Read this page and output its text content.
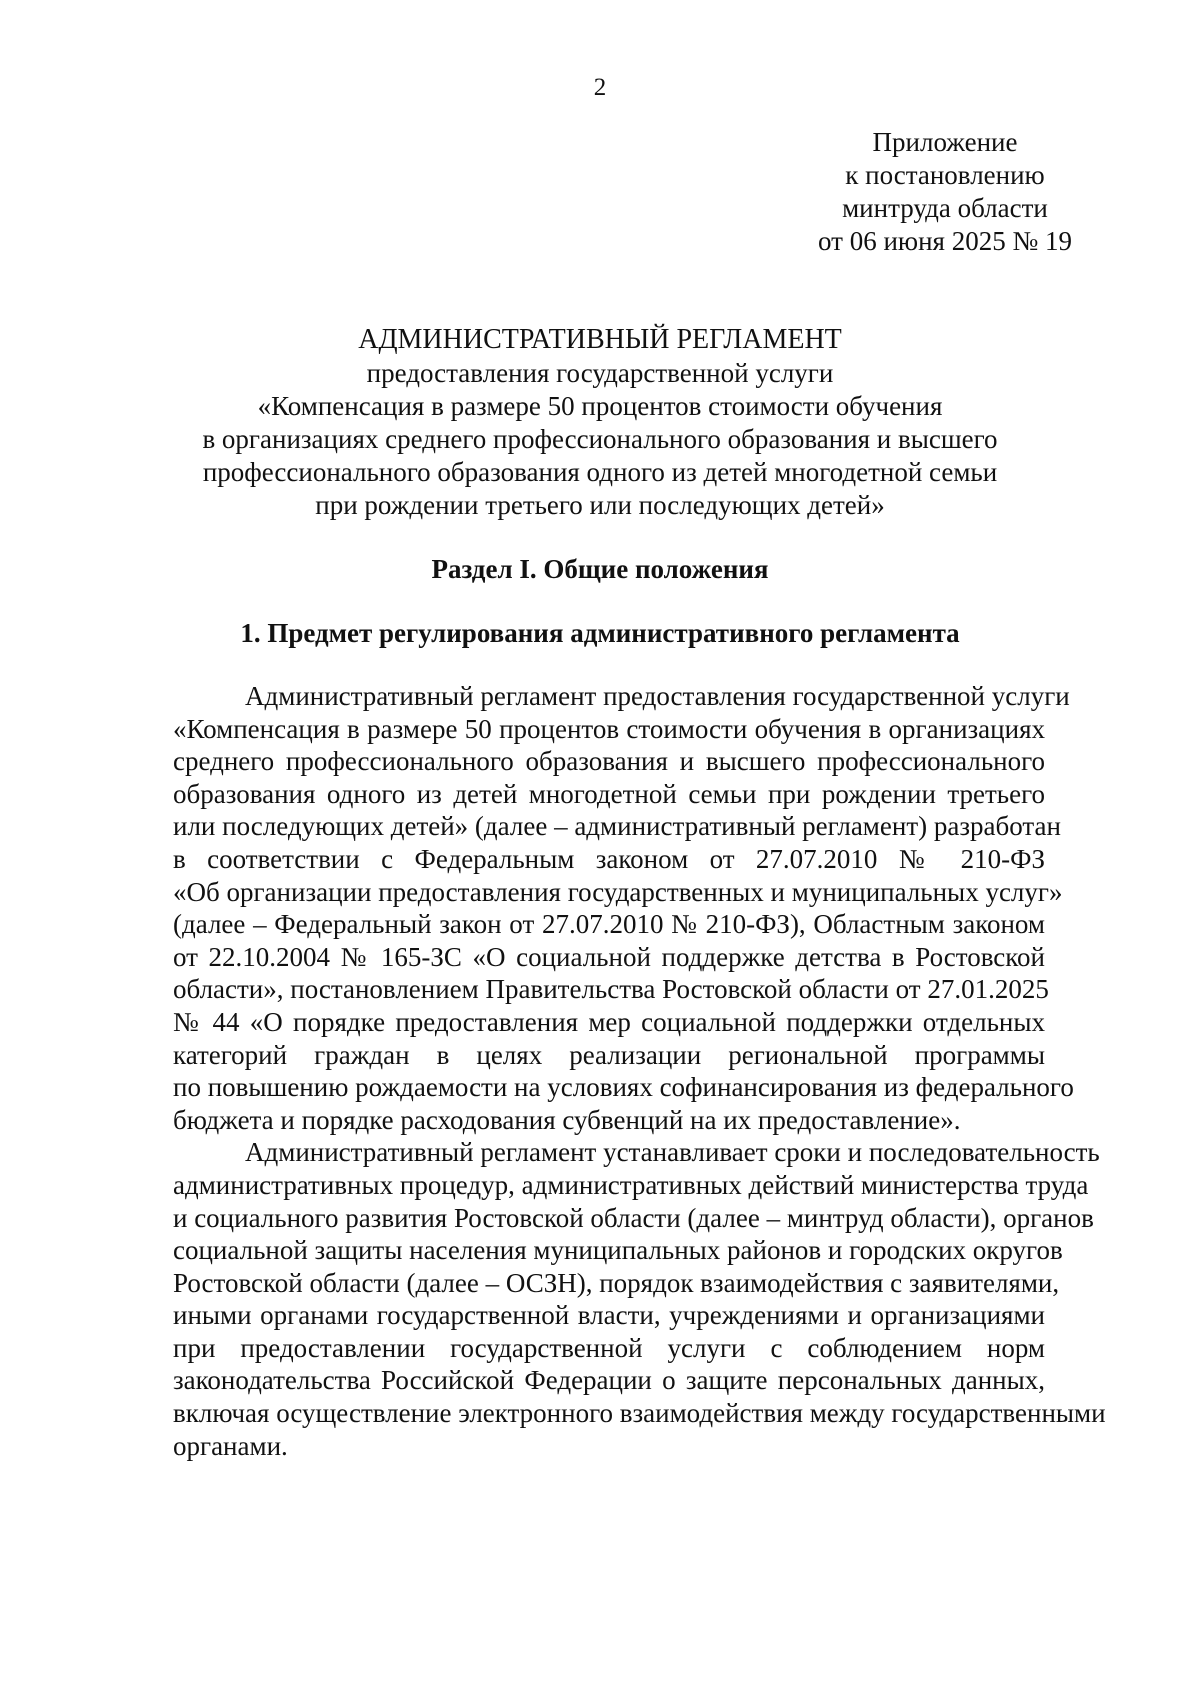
2
Приложение
к постановлению
минтруда области
от 06 июня 2025 № 19
АДМИНИСТРАТИВНЫЙ РЕГЛАМЕНТ
предоставления государственной услуги
«Компенсация в размере 50 процентов стоимости обучения
в организациях среднего профессионального образования и высшего
профессионального образования одного из детей многодетной семьи
при рождении третьего или последующих детей»
Раздел I. Общие положения
1. Предмет регулирования административного регламента
Административный регламент предоставления государственной услуги
«Компенсация в размере 50 процентов стоимости обучения в организациях
среднего профессионального образования и высшего профессионального
образования одного из детей многодетной семьи при рождении третьего
или последующих детей» (далее – административный регламент) разработан
в соответствии с Федеральным законом от 27.07.2010 № 210-ФЗ
«Об организации предоставления государственных и муниципальных услуг»
(далее – Федеральный закон от 27.07.2010 № 210-ФЗ), Областным законом
от 22.10.2004 № 165-ЗС «О социальной поддержке детства в Ростовской
области», постановлением Правительства Ростовской области от 27.01.2025
№ 44 «О порядке предоставления мер социальной поддержки отдельных
категорий граждан в целях реализации региональной программы
по повышению рождаемости на условиях софинансирования из федерального
бюджета и порядке расходования субвенций на их предоставление».
Административный регламент устанавливает сроки и последовательность
административных процедур, административных действий министерства труда
и социального развития Ростовской области (далее – минтруд области), органов
социальной защиты населения муниципальных районов и городских округов
Ростовской области (далее – ОСЗН), порядок взаимодействия с заявителями,
иными органами государственной власти, учреждениями и организациями
при предоставлении государственной услуги с соблюдением норм
законодательства Российской Федерации о защите персональных данных,
включая осуществление электронного взаимодействия между государственными
органами.
